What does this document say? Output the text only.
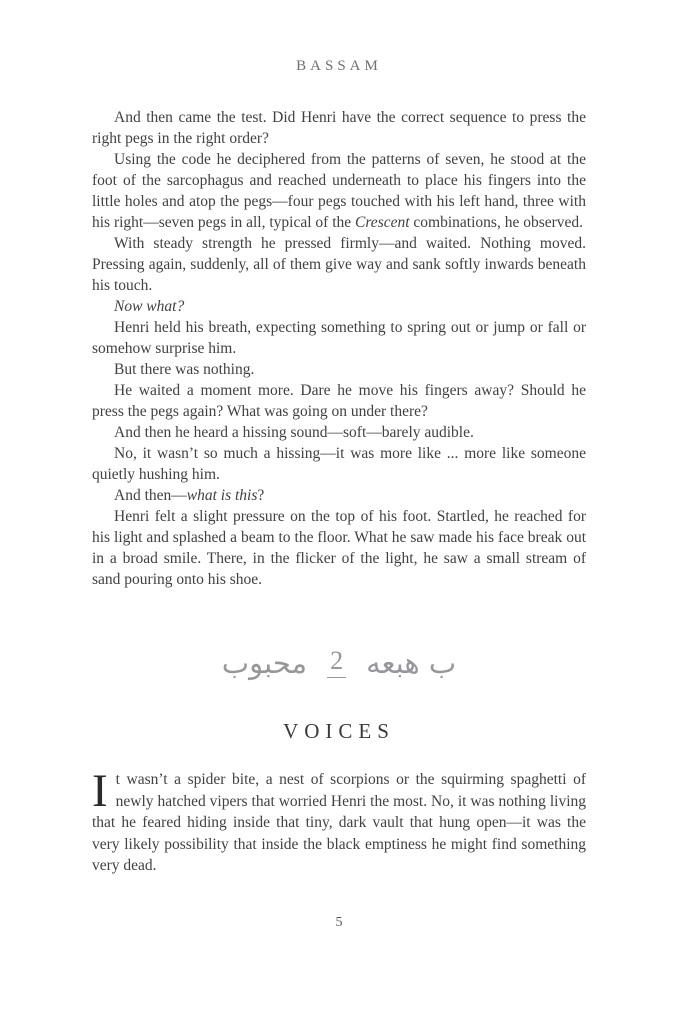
BASSAM

And then came the test. Did Henri have the correct sequence to press the right pegs in the right order?

Using the code he deciphered from the patterns of seven, he stood at the foot of the sarcophagus and reached underneath to place his fingers into the little holes and atop the pegs—four pegs touched with his left hand, three with his right—seven pegs in all, typical of the Crescent combinations, he observed.

With steady strength he pressed firmly—and waited. Nothing moved. Pressing again, suddenly, all of them give way and sank softly inwards beneath his touch.

Now what?

Henri held his breath, expecting something to spring out or jump or fall or somehow surprise him.

But there was nothing.

He waited a moment more. Dare he move his fingers away? Should he press the pegs again? What was going on under there?

And then he heard a hissing sound—soft—barely audible.

No, it wasn’t so much a hissing—it was more like ... more like someone quietly hushing him.

And then—what is this?

Henri felt a slight pressure on the top of his foot. Startled, he reached for his light and splashed a beam to the floor. What he saw made his face break out in a broad smile. There, in the flicker of the light, he saw a small stream of sand pouring onto his shoe.

ب هبعه
2
محبوب
VOICES

It wasn’t a spider bite, a nest of scorpions or the squirming spaghetti of newly hatched vipers that worried Henri the most. No, it was nothing living that he feared hiding inside that tiny, dark vault that hung open—it was the very likely possibility that inside the black emptiness he might find something very dead.

5
